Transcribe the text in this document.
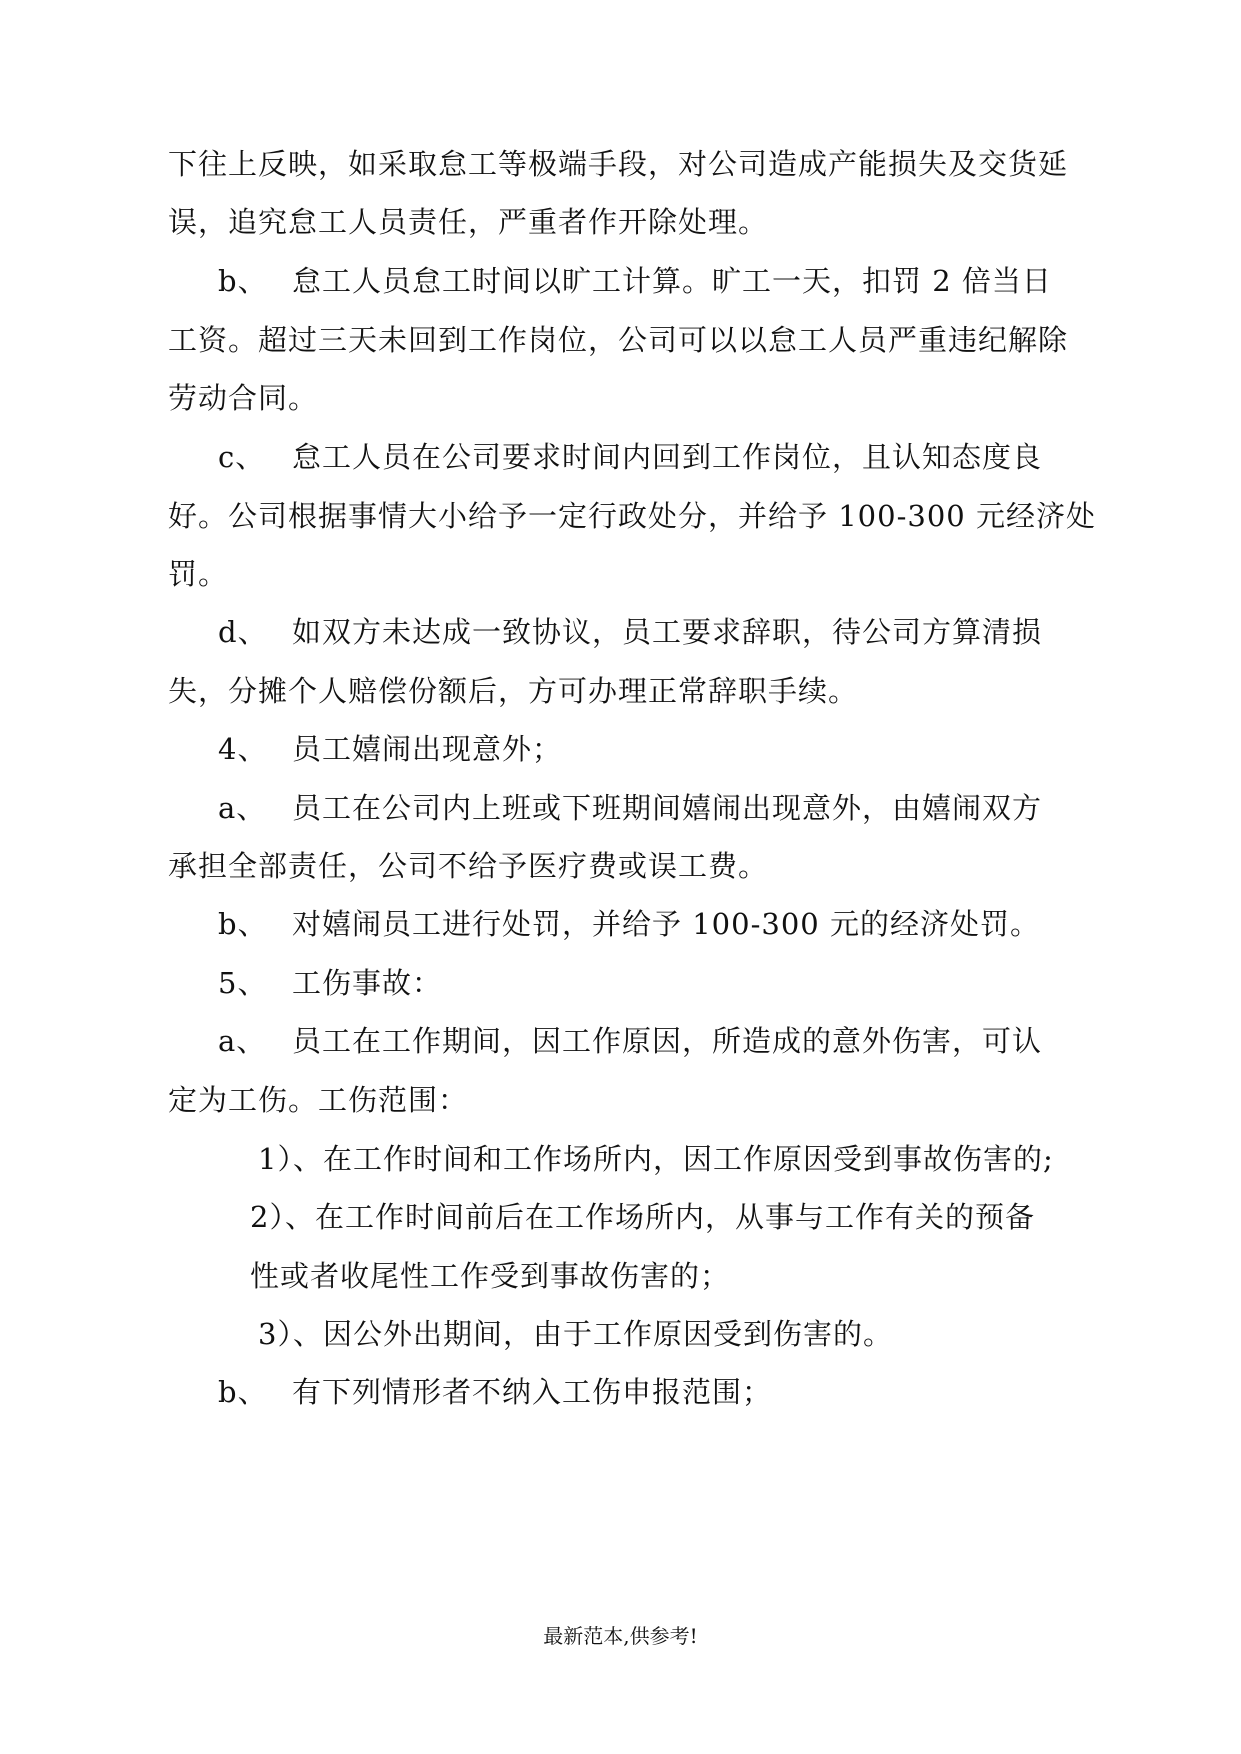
下往上反映，如采取怠工等极端手段，对公司造成产能损失及交货延
误，追究怠工人员责任，严重者作开除处理。
b、 怠工人员怠工时间以旷工计算。旷工一天，扣罚 2 倍当日
工资。超过三天未回到工作岗位，公司可以以怠工人员严重违纪解除
劳动合同。
c、 怠工人员在公司要求时间内回到工作岗位，且认知态度良
好。公司根据事情大小给予一定行政处分，并给予 100-300 元经济处
罚。
d、 如双方未达成一致协议，员工要求辞职，待公司方算清损
失，分摊个人赔偿份额后，方可办理正常辞职手续。
4、 员工嬉闹出现意外；
a、 员工在公司内上班或下班期间嬉闹出现意外，由嬉闹双方
承担全部责任，公司不给予医疗费或误工费。
b、 对嬉闹员工进行处罚，并给予 100-300 元的经济处罚。
5、 工伤事故：
a、 员工在工作期间，因工作原因，所造成的意外伤害，可认
定为工伤。工伤范围：
1）、在工作时间和工作场所内，因工作原因受到事故伤害的;
2）、在工作时间前后在工作场所内，从事与工作有关的预备
性或者收尾性工作受到事故伤害的；
3）、因公外出期间，由于工作原因受到伤害的。
b、 有下列情形者不纳入工伤申报范围；
最新范本,供参考!
